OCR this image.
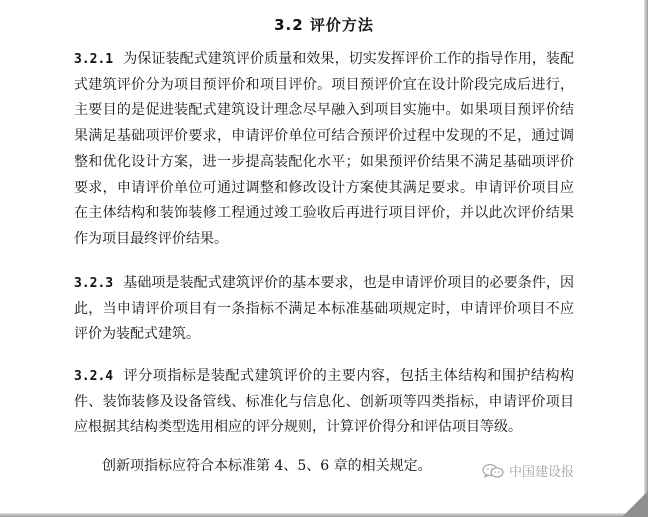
3.2 评价方法

3.2.1 为保证装配式建筑评价质量和效果，切实发挥评价工作的指导作用，装配式建筑评价分为项目预评价和项目评价。项目预评价宜在设计阶段完成后进行，主要目的是促进装配式建筑设计理念尽早融入到项目实施中。如果项目预评价结果满足基础项评价要求，申请评价单位可结合预评价过程中发现的不足，通过调整和优化设计方案，进一步提高装配化水平；如果预评价结果不满足基础项评价要求，申请评价单位可通过调整和修改设计方案使其满足要求。申请评价项目应在主体结构和装饰装修工程通过竣工验收后再进行项目评价，并以此次评价结果作为项目最终评价结果。

3.2.3 基础项是装配式建筑评价的基本要求，也是申请评价项目的必要条件，因此，当申请评价项目有一条指标不满足本标准基础项规定时，申请评价项目不应评价为装配式建筑。

3.2.4 评分项指标是装配式建筑评价的主要内容，包括主体结构和围护结构构件、装饰装修及设备管线、标准化与信息化、创新项等四类指标，申请评价项目应根据其结构类型选用相应的评分规则，计算评价得分和评估项目等级。

创新项指标应符合本标准第 4、5、6 章的相关规定。	中国建设报
